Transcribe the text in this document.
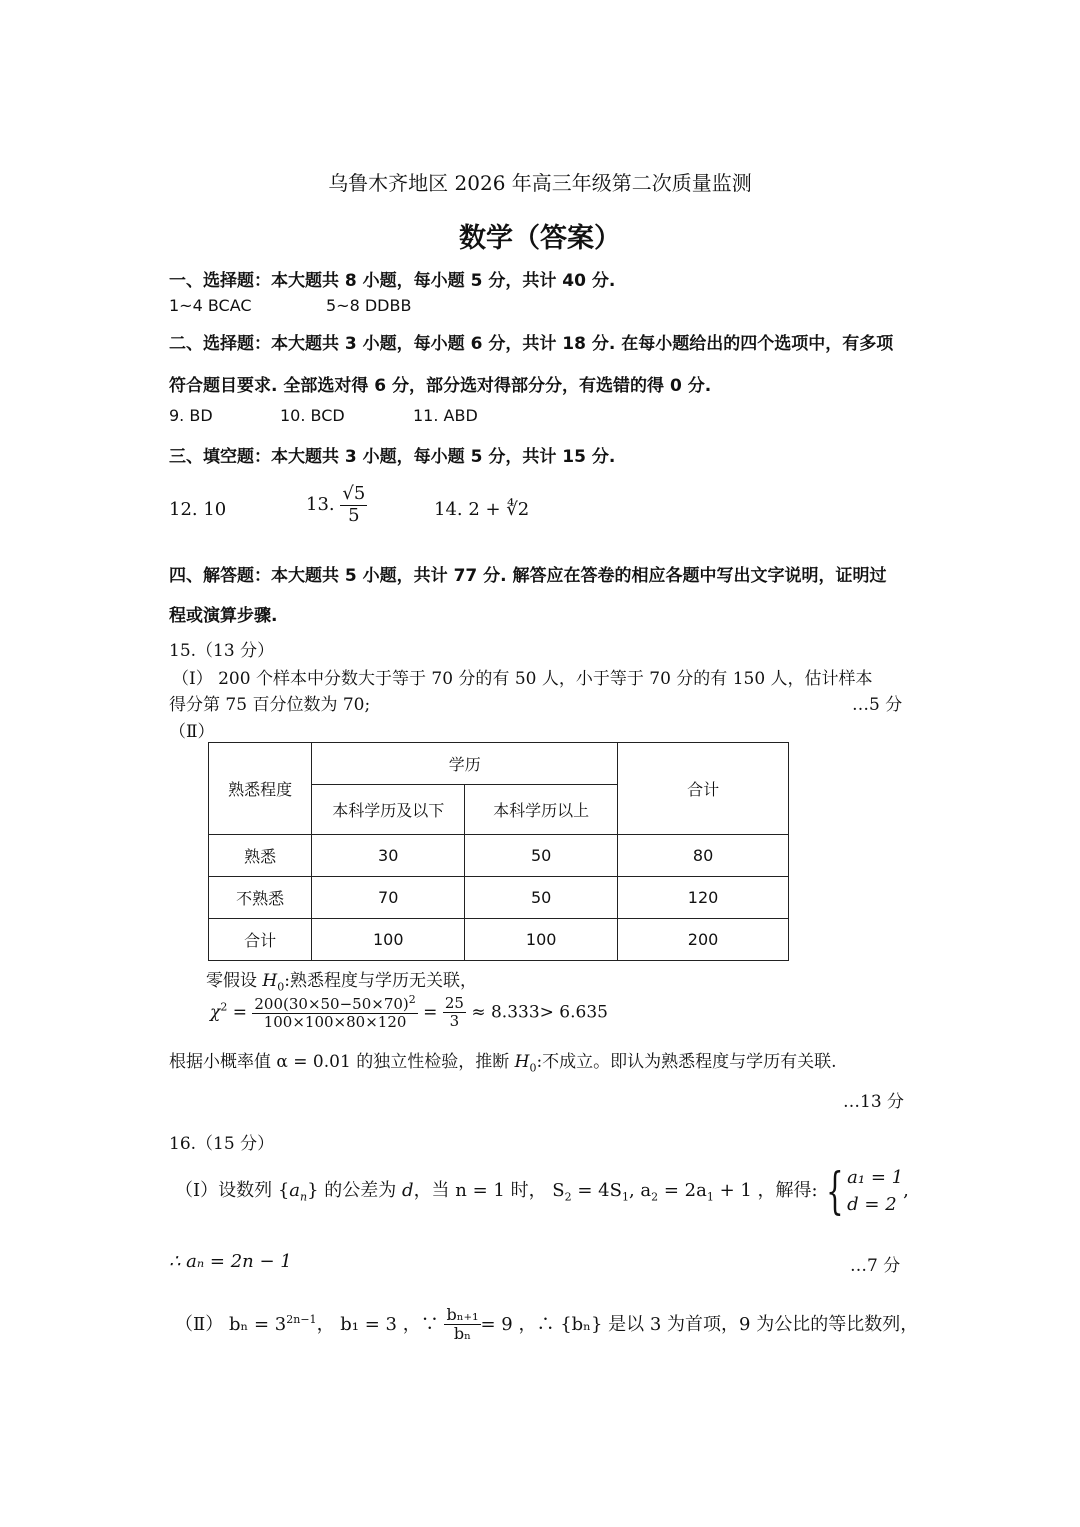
乌鲁木齐地区 2026 年高三年级第二次质量监测
数学（答案）
一、选择题：本大题共 8 小题，每小题 5 分，共计 40 分.
1~4 BCAC	5~8 DDBB
二、选择题：本大题共 3 小题，每小题 6 分，共计 18 分. 在每小题给出的四个选项中，有多项
符合题目要求. 全部选对得 6 分，部分选对得部分分，有选错的得 0 分.
9. BD	10. BCD	11. ABD
三、填空题：本大题共 3 小题，每小题 5 分，共计 15 分.
12. 10	13. $\frac{√5}{5}$	14. 2 + ∜2
四、解答题：本大题共 5 小题，共计 77 分. 解答应在答卷的相应各题中写出文字说明，证明过
程或演算步骤.
15.（13 分）
（Ⅰ） 200 个样本中分数大于等于 70 分的有 50 人，小于等于 70 分的有 150 人，估计样本
得分第 75 百分位数为 70;	…5 分
（Ⅱ）
熟悉程度	学历		合计
	本科学历及以下	本科学历以上	
熟悉	30	50	80
不熟悉	70	50	120
合计	100	100	200
零假设 $H_0$:熟悉程度与学历无关联，
$\chi^2 = \frac{200(30\times 50-50\times 70)^2}{100\times 100\times 80\times 120} = \frac{25}{3} \approx 8.333> 6.635$
根据小概率值 α = 0.01 的独立性检验，推断 $H_0$:不成立。即认为熟悉程度与学历有关联.
…13 分
16.（15 分）
（Ⅰ）设数列 $\{a_n\}$ 的公差为 d，当 n = 1 时， $S_2 = 4S_1$, $a_2 = 2a_1 + 1$ ，解得: { a₁ = 1
d = 2
,
∴ aₙ = 2n − 1	…7 分
（Ⅱ） $b_n = 3^{2n-1}$， b₁ = 3 ，∵ $\frac{\text{bₙ₊₁}}{\text{bₙ}} = 9$ ，∴ {bₙ} 是以 3 为首项，9 为公比的等比数列，
